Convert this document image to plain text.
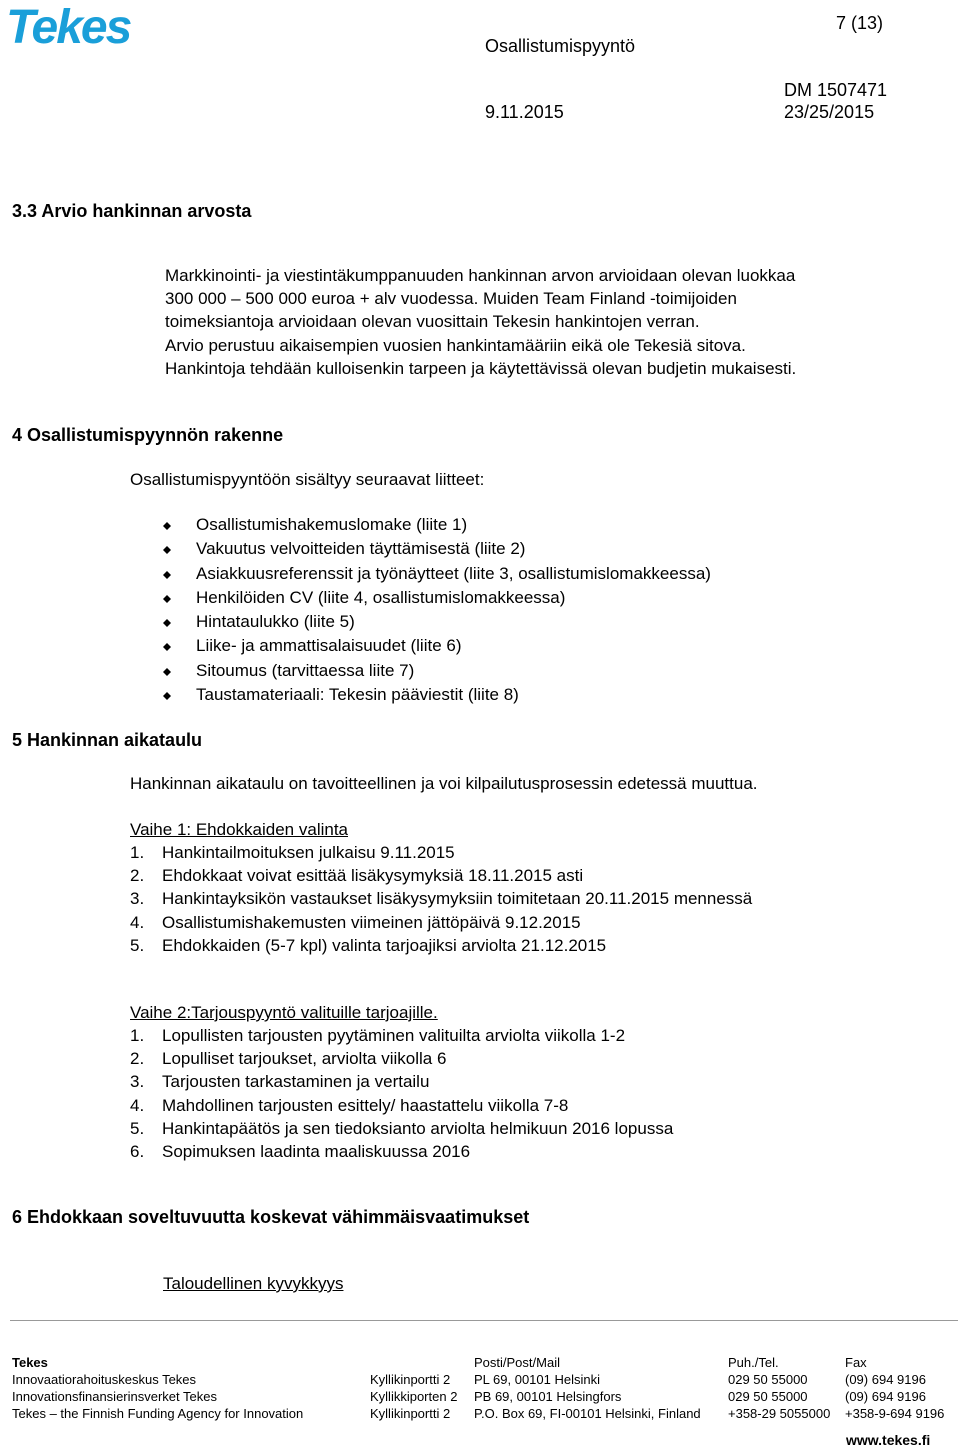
Tekes	7 (13)
Osallistumispyyntö
DM 1507471
9.11.2015	23/25/2015
3.3 Arvio hankinnan arvosta
Markkinointi- ja viestintäkumppanuuden hankinnan arvon arvioidaan olevan luokkaa
300 000 – 500 000 euroa + alv vuodessa. Muiden Team Finland -toimijoiden
toimeksiantoja arvioidaan olevan vuosittain Tekesin hankintojen verran.
Arvio perustuu aikaisempien vuosien hankintamääriin eikä ole Tekesiä sitova.
Hankintoja tehdään kulloisenkin tarpeen ja käytettävissä olevan budjetin mukaisesti.
4 Osallistumispyynnön rakenne
Osallistumispyyntöön sisältyy seuraavat liitteet:
Osallistumishakemuslomake (liite 1)
Vakuutus velvoitteiden täyttämisestä (liite 2)
Asiakkuusreferenssit ja työnäytteet (liite 3, osallistumislomakkeessa)
Henkilöiden CV (liite 4, osallistumislomakkeessa)
Hintataulukko (liite 5)
Liike- ja ammattisalaisuudet (liite 6)
Sitoumus (tarvittaessa liite 7)
Taustamateriaali: Tekesin pääviestit (liite 8)
5 Hankinnan aikataulu
Hankinnan aikataulu on tavoitteellinen ja voi kilpailutusprosessin edetessä muuttua.
Vaihe 1: Ehdokkaiden valinta
1. Hankintailmoituksen julkaisu 9.11.2015
2. Ehdokkaat voivat esittää lisäkysymyksiä 18.11.2015 asti
3. Hankintayksikön vastaukset lisäkysymyksiin toimitetaan 20.11.2015 mennessä
4. Osallistumishakemusten viimeinen jättöpäivä 9.12.2015
5. Ehdokkaiden (5-7 kpl) valinta tarjoajiksi arviolta 21.12.2015
Vaihe 2:Tarjouspyyntö valituille tarjoajille.
1. Lopullisten tarjousten pyytäminen valituilta arviolta viikolla 1-2
2. Lopulliset tarjoukset, arviolta viikolla 6
3. Tarjousten tarkastaminen ja vertailu
4. Mahdollinen tarjousten esittely/ haastattelu viikolla 7-8
5. Hankintapäätös ja sen tiedoksianto arviolta helmikuun 2016 lopussa
6. Sopimuksen laadinta maaliskuussa 2016
6 Ehdokkaan soveltuvuutta koskevat vähimmäisvaatimukset
Taloudellinen kyvykkyys
Tekes
Innovaatiorahoituskeskus Tekes
Innovationsfinansierinsverket Tekes
Tekes – the Finnish Funding Agency for Innovation
Kyllikinportti 2
Kyllikkiporten 2
Kyllikinportti 2
Posti/Post/Mail
PL 69, 00101 Helsinki
PB 69, 00101 Helsingfors
P.O. Box 69, FI-00101 Helsinki, Finland
Puh./Tel.
029 50 55000
029 50 55000
+358-29 5055000
Fax
(09) 694 9196
(09) 694 9196
+358-9-694 9196
www.tekes.fi
